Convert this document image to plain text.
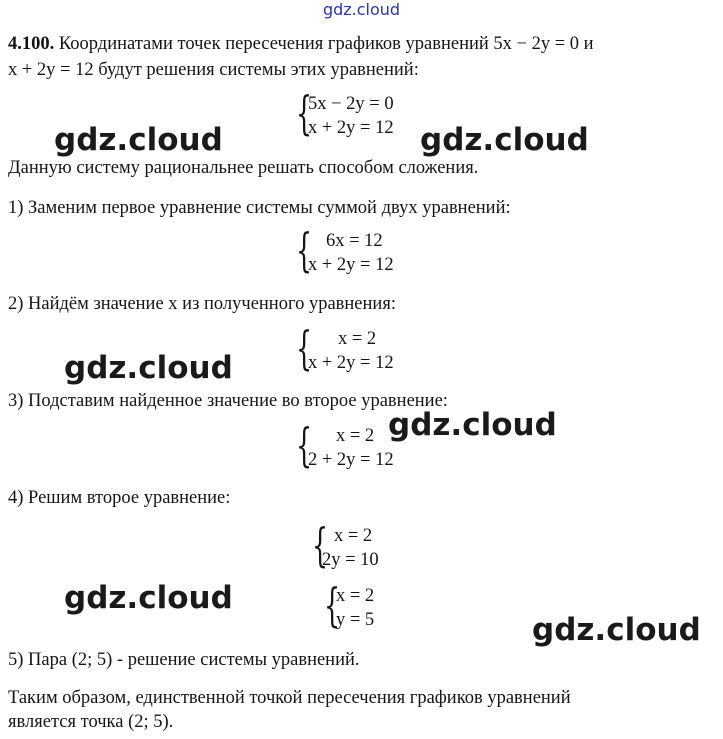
gdz.cloud
4.100. Координатами точек пересечения графиков уравнений 5x − 2y = 0 и
x + 2y = 12 будут решения системы этих уравнений:
{
5x − 2y = 0
x + 2y = 12
Данную систему рациональнее решать способом сложения.
1) Заменим первое уравнение системы суммой двух уравнений:
{ 6x = 12
x + 2y = 12
2) Найдём значение x из полученного уравнения:
{ x = 2
x + 2y = 12
3) Подставим найденное значение во второе уравнение:
{ x = 2
2 + 2y = 12
4) Решим второе уравнение:
{ x = 2
2y = 10
{
x = 2
y = 5
5) Пара (2; 5) - решение системы уравнений.
Таким образом, единственной точкой пересечения графиков уравнений
является точка (2; 5).
gdz.cloud	gdz.cloud
gdz.cloud
gdz.cloud
gdz.cloud
gdz.cloud
